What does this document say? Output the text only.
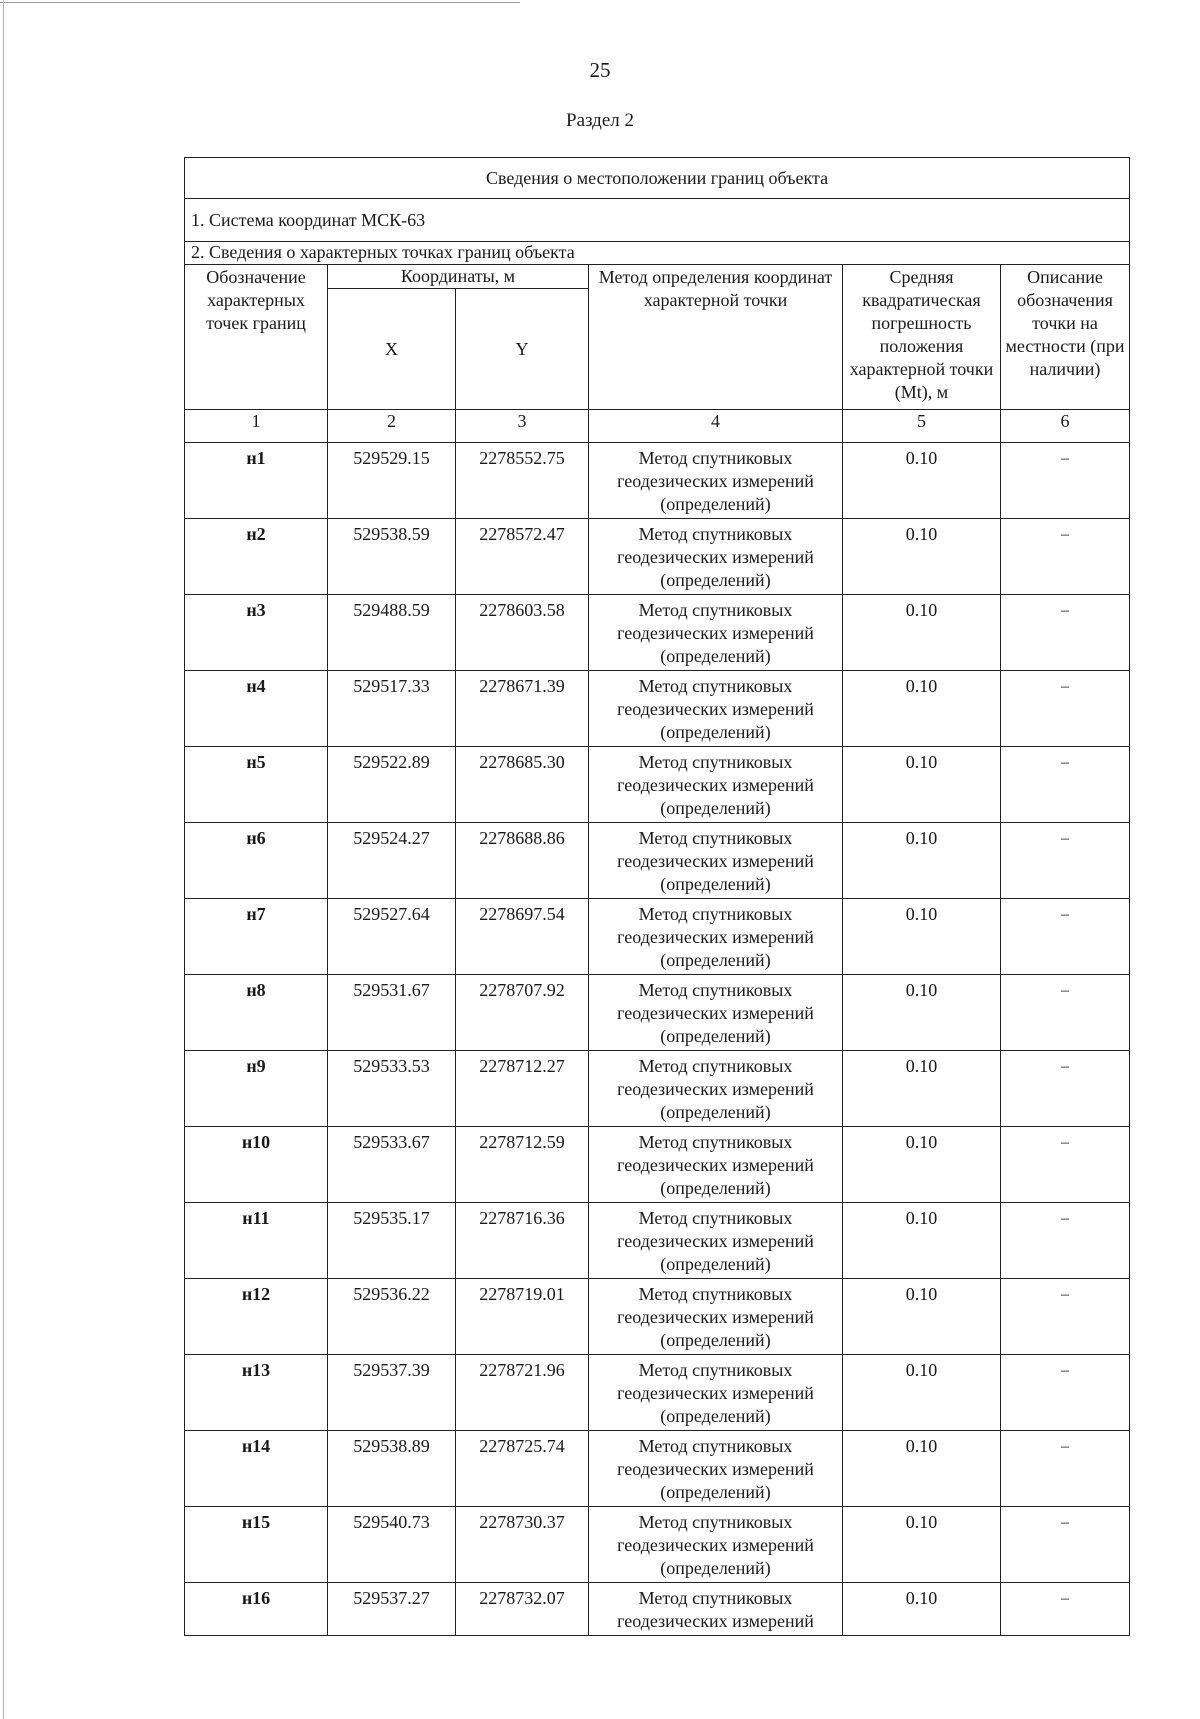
25
Раздел 2
Сведения о местоположении границ объекта					
1. Система координат МСК-63					
2. Сведения о характерных точках границ объекта					
Обозначение характерных точек границ	Координаты, м		Метод определения координат характерной точки	Средняя квадратическая погрешность положения характерной точки (Mt), м	Описание обозначения точки на местности (при наличии)
	X	Y			
1	2	3	4	5	6
н1	529529.15	2278552.75	Метод спутниковых геодезических измерений (определений)	0.10	–
н2	529538.59	2278572.47	Метод спутниковых геодезических измерений (определений)	0.10	–
н3	529488.59	2278603.58	Метод спутниковых геодезических измерений (определений)	0.10	–
н4	529517.33	2278671.39	Метод спутниковых геодезических измерений (определений)	0.10	–
н5	529522.89	2278685.30	Метод спутниковых геодезических измерений (определений)	0.10	–
н6	529524.27	2278688.86	Метод спутниковых геодезических измерений (определений)	0.10	–
н7	529527.64	2278697.54	Метод спутниковых геодезических измерений (определений)	0.10	–
н8	529531.67	2278707.92	Метод спутниковых геодезических измерений (определений)	0.10	–
н9	529533.53	2278712.27	Метод спутниковых геодезических измерений (определений)	0.10	–
н10	529533.67	2278712.59	Метод спутниковых геодезических измерений (определений)	0.10	–
н11	529535.17	2278716.36	Метод спутниковых геодезических измерений (определений)	0.10	–
н12	529536.22	2278719.01	Метод спутниковых геодезических измерений (определений)	0.10	–
н13	529537.39	2278721.96	Метод спутниковых геодезических измерений (определений)	0.10	–
н14	529538.89	2278725.74	Метод спутниковых геодезических измерений (определений)	0.10	–
н15	529540.73	2278730.37	Метод спутниковых геодезических измерений (определений)	0.10	–
н16	529537.27	2278732.07	Метод спутниковых геодезических измерений	0.10	–
